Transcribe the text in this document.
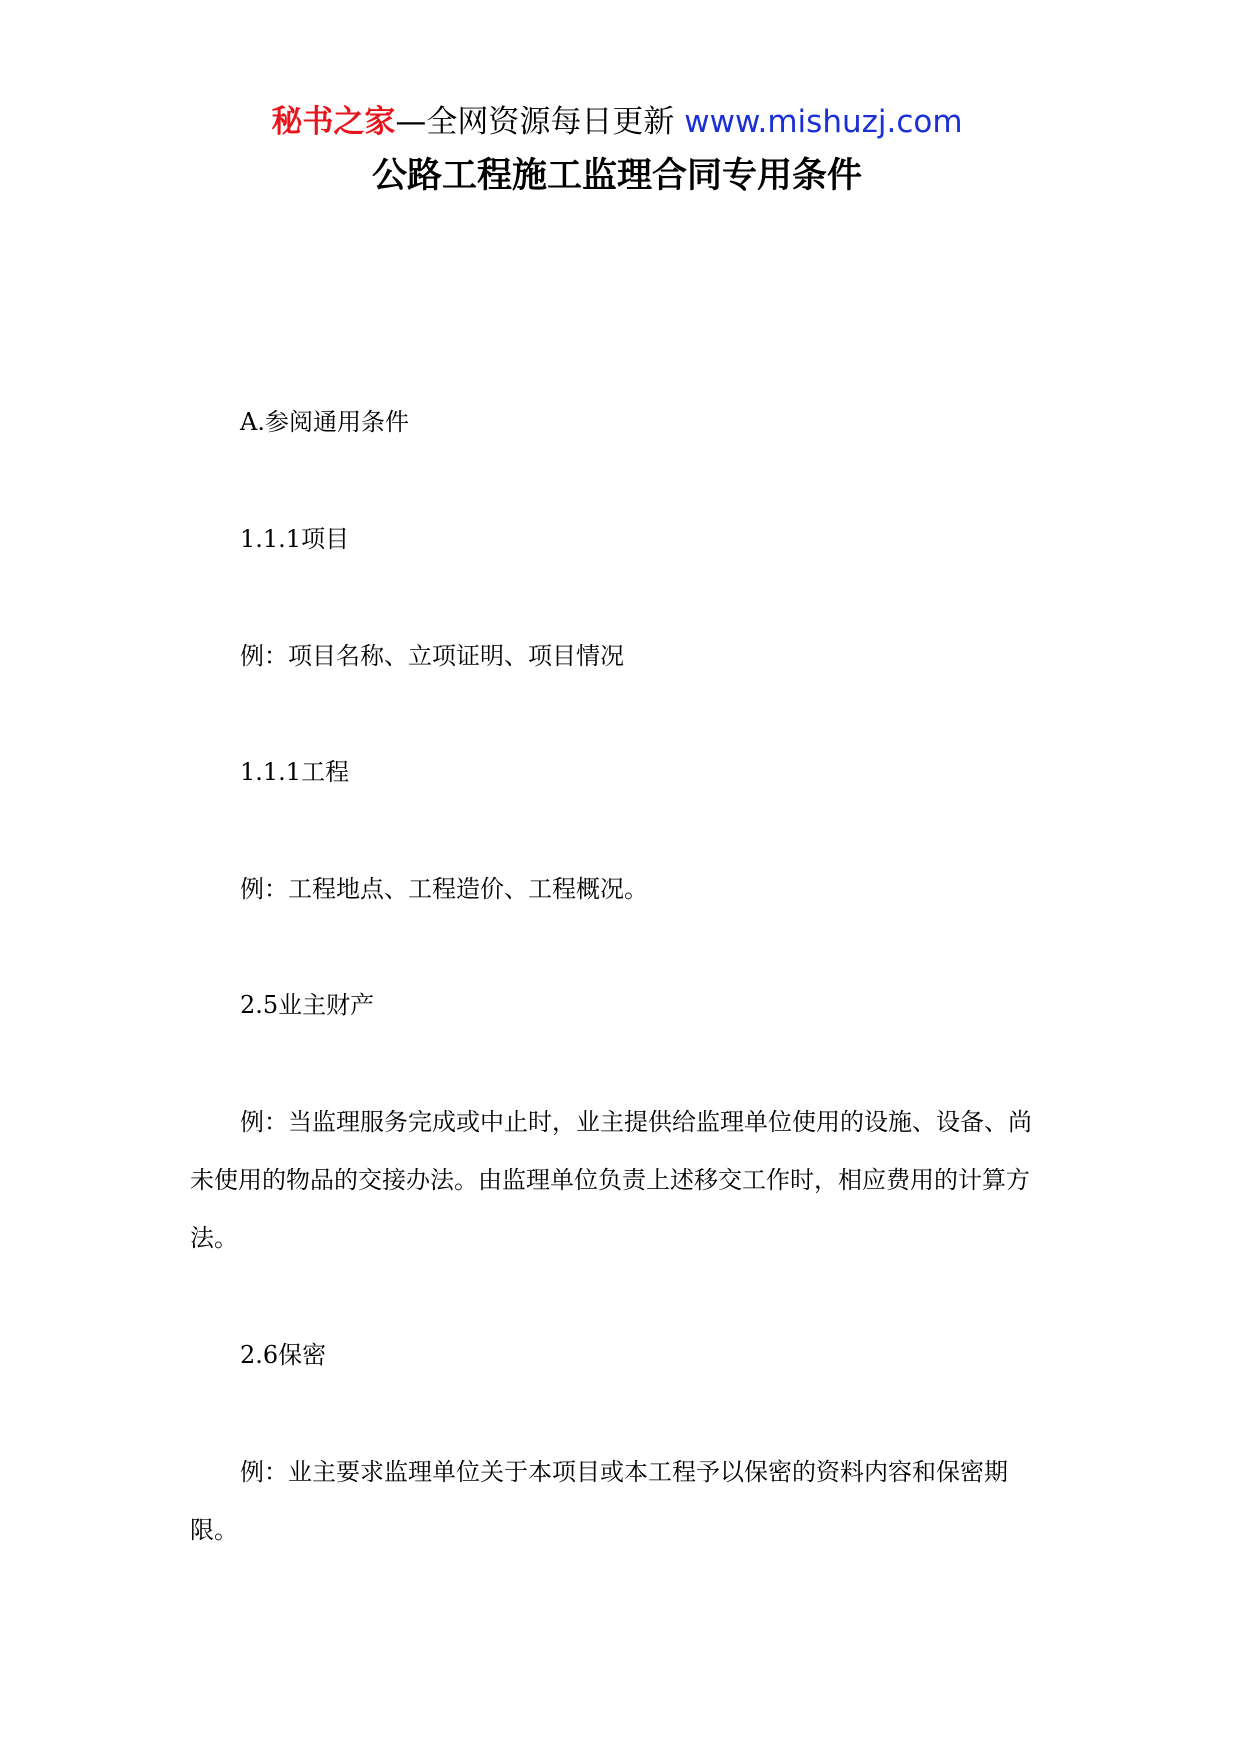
秘书之家—全网资源每日更新 www.mishuzj.com
公路工程施工监理合同专用条件

A.参阅通用条件

1.1.1项目

例：项目名称、立项证明、项目情况

1.1.1工程

例：工程地点、工程造价、工程概况。

2.5业主财产

例：当监理服务完成或中止时，业主提供给监理单位使用的设施、设备、尚未使用的物品的交接办法。由监理单位负责上述移交工作时，相应费用的计算方法。

2.6保密

例：业主要求监理单位关于本项目或本工程予以保密的资料内容和保密期限。
